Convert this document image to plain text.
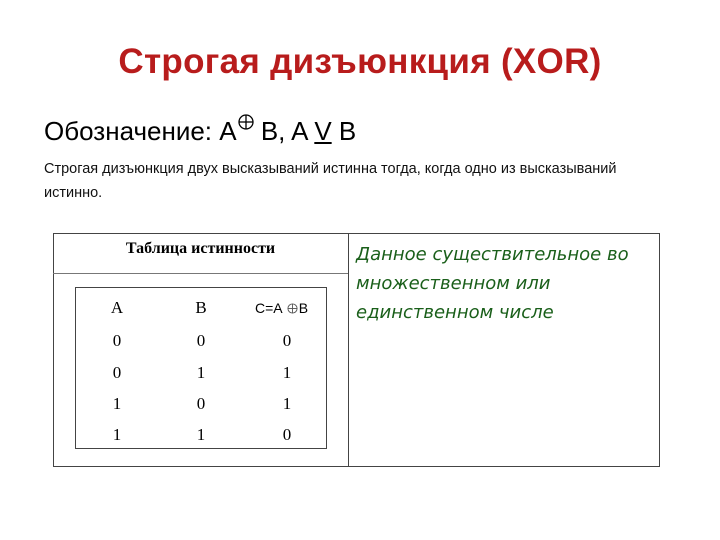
Строгая дизъюнкция (XOR)
Обозначение: A B, A V B
Строгая дизъюнкция двух высказываний истинна тогда, когда одно из высказываний истинно.
Таблица истинности
A	B	C=A B
0	0	0
0	1	1
1	0	1
1	1	0
Данное существительное во множественном или единственном числе
